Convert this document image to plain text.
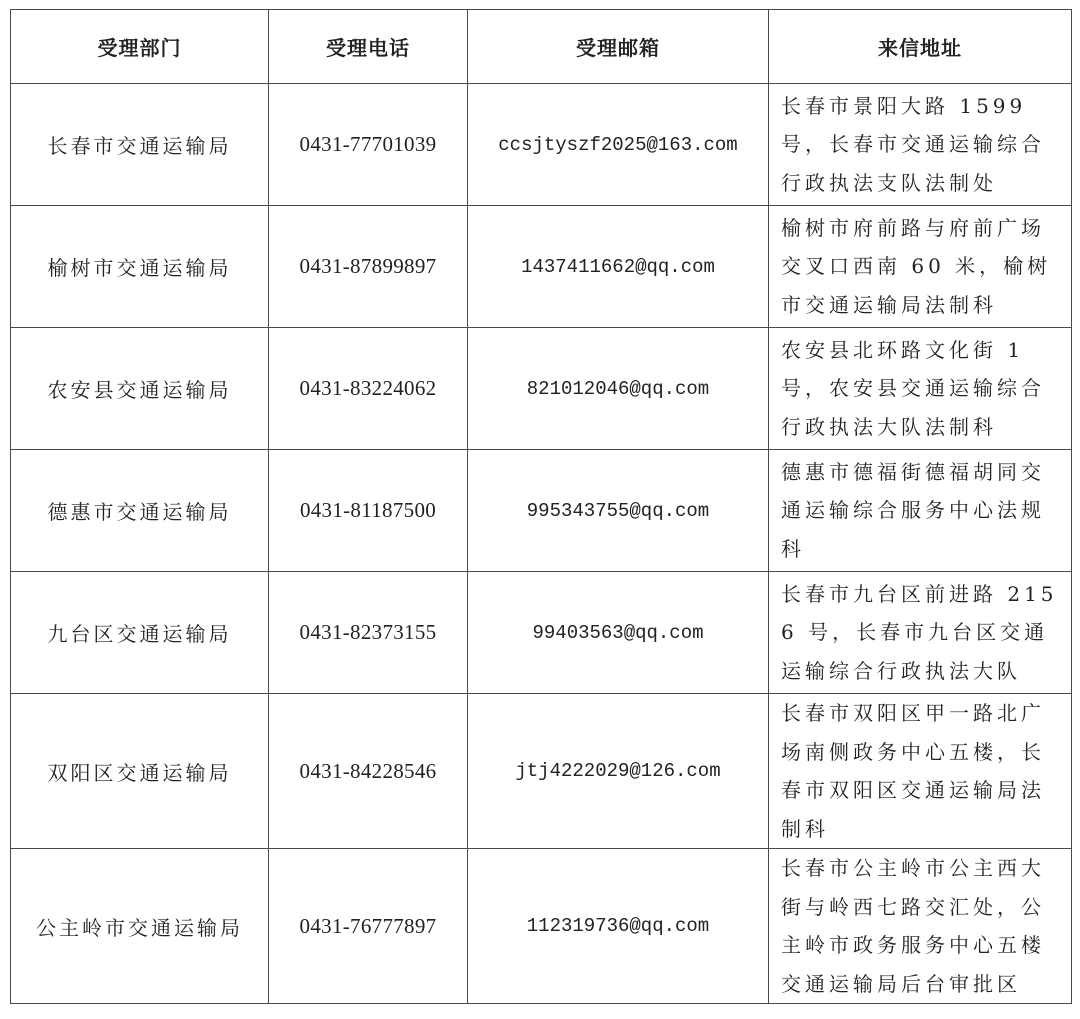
受理部门	受理电话	受理邮箱	来信地址
长春市交通运输局	0431-77701039	ccsjtyszf2025@163.com	长春市景阳大路 1599 号，长春市交通运输综合行政执法支队法制处
榆树市交通运输局	0431-87899897	1437411662@qq.com	榆树市府前路与府前广场交叉口西南 60 米，榆树市交通运输局法制科
农安县交通运输局	0431-83224062	821012046@qq.com	农安县北环路文化街 1 号，农安县交通运输综合行政执法大队法制科
德惠市交通运输局	0431-81187500	995343755@qq.com	德惠市德福街德福胡同交通运输综合服务中心法规科
九台区交通运输局	0431-82373155	99403563@qq.com	长春市九台区前进路 2156 号，长春市九台区交通运输综合行政执法大队
双阳区交通运输局	0431-84228546	jtj4222029@126.com	长春市双阳区甲一路北广场南侧政务中心五楼，长春市双阳区交通运输局法制科
公主岭市交通运输局	0431-76777897	112319736@qq.com	长春市公主岭市公主西大街与岭西七路交汇处，公主岭市政务服务中心五楼交通运输局后台审批区
